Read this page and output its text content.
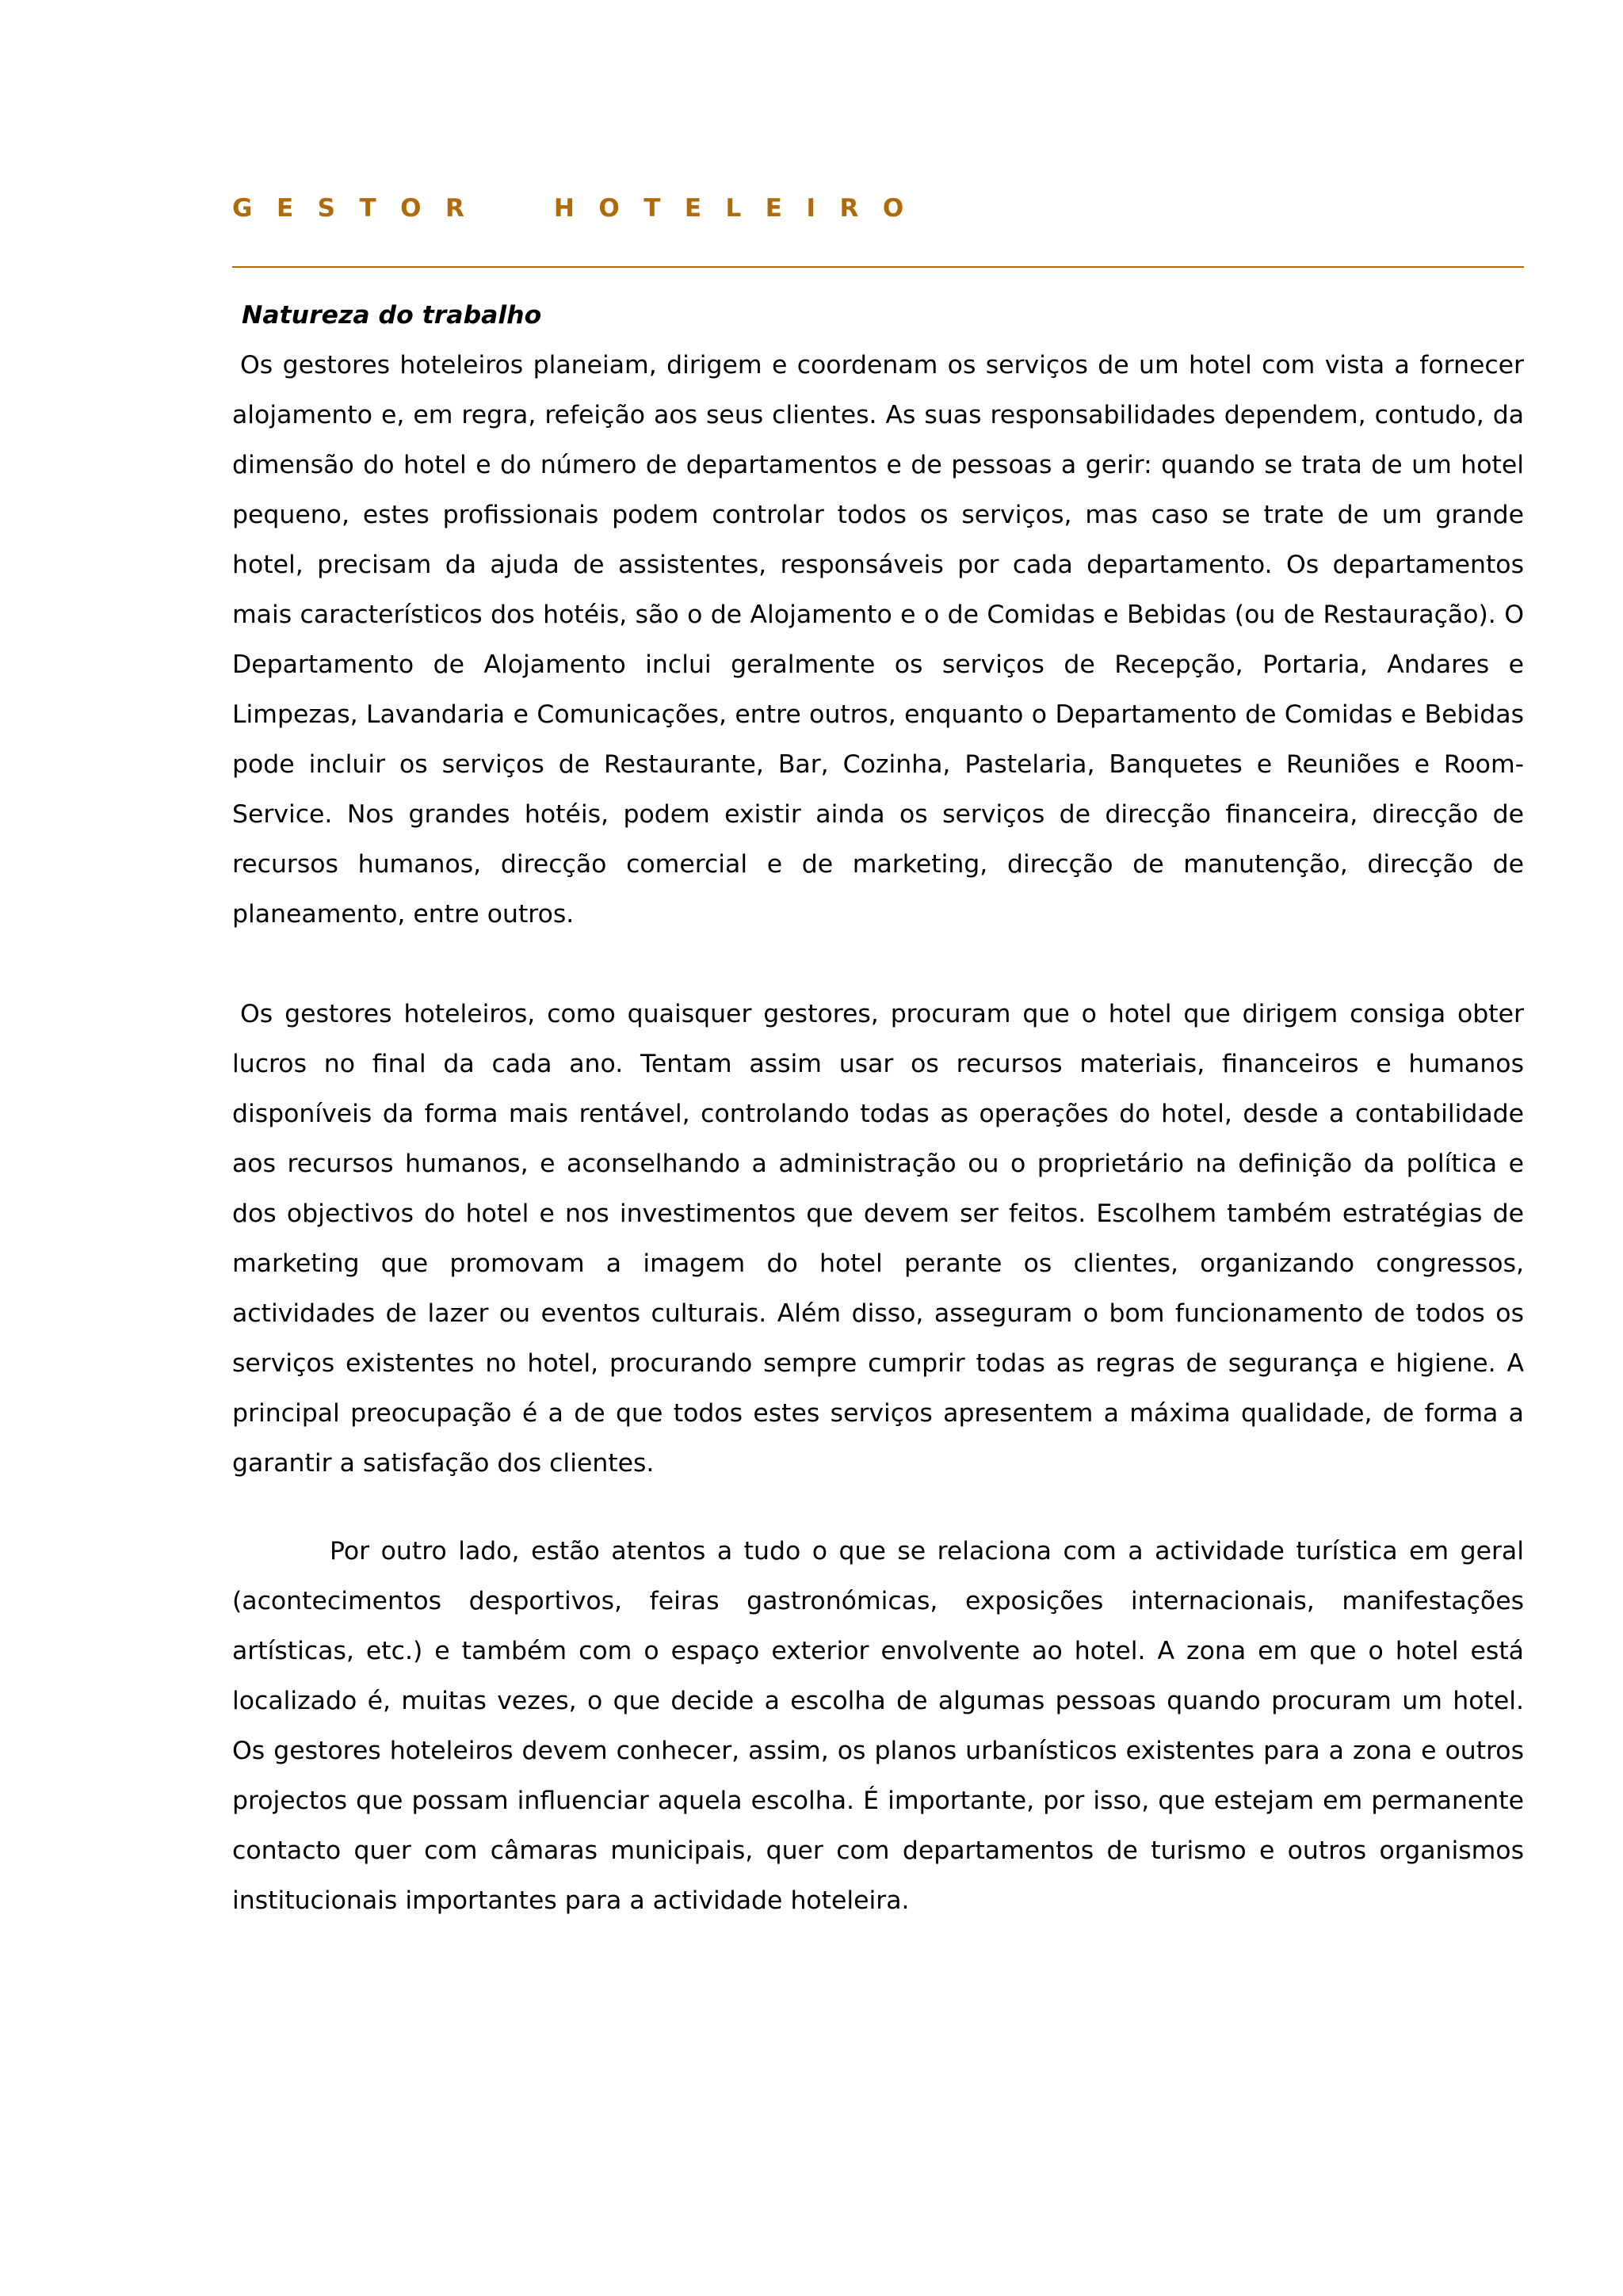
GESTOR  HOTELEIRO

Natureza do trabalho

Os gestores hoteleiros planeiam, dirigem e coordenam os serviços de um hotel com vista a fornecer alojamento e, em regra, refeição aos seus clientes. As suas responsabilidades dependem, contudo, da dimensão do hotel e do número de departamentos e de pessoas a gerir: quando se trata de um hotel pequeno, estes profissionais podem controlar todos os serviços, mas caso se trate de um grande hotel, precisam da ajuda de assistentes, responsáveis por cada departamento. Os departamentos mais característicos dos hotéis, são o de Alojamento e o de Comidas e Bebidas (ou de Restauração). O Departamento de Alojamento inclui geralmente os serviços de Recepção, Portaria, Andares e Limpezas, Lavandaria e Comunicações, entre outros, enquanto o Departamento de Comidas e Bebidas pode incluir os serviços de Restaurante, Bar, Cozinha, Pastelaria, Banquetes e Reuniões e Room-Service. Nos grandes hotéis, podem existir ainda os serviços de direcção financeira, direcção de recursos humanos, direcção comercial e de marketing, direcção de manutenção, direcção de planeamento, entre outros.

Os gestores hoteleiros, como quaisquer gestores, procuram que o hotel que dirigem consiga obter lucros no final da cada ano. Tentam assim usar os recursos materiais, financeiros e humanos disponíveis da forma mais rentável, controlando todas as operações do hotel, desde a contabilidade aos recursos humanos, e aconselhando a administração ou o proprietário na definição da política e dos objectivos do hotel e nos investimentos que devem ser feitos. Escolhem também estratégias de marketing que promovam a imagem do hotel perante os clientes, organizando congressos, actividades de lazer ou eventos culturais. Além disso, asseguram o bom funcionamento de todos os serviços existentes no hotel, procurando sempre cumprir todas as regras de segurança e higiene. A principal preocupação é a de que todos estes serviços apresentem a máxima qualidade, de forma a garantir a satisfação dos clientes.

Por outro lado, estão atentos a tudo o que se relaciona com a actividade turística em geral (acontecimentos desportivos, feiras gastronómicas, exposições internacionais, manifestações artísticas, etc.) e também com o espaço exterior envolvente ao hotel. A zona em que o hotel está localizado é, muitas vezes, o que decide a escolha de algumas pessoas quando procuram um hotel. Os gestores hoteleiros devem conhecer, assim, os planos urbanísticos existentes para a zona e outros projectos que possam influenciar aquela escolha. É importante, por isso, que estejam em permanente contacto quer com câmaras municipais, quer com departamentos de turismo e outros organismos institucionais importantes para a actividade hoteleira.
